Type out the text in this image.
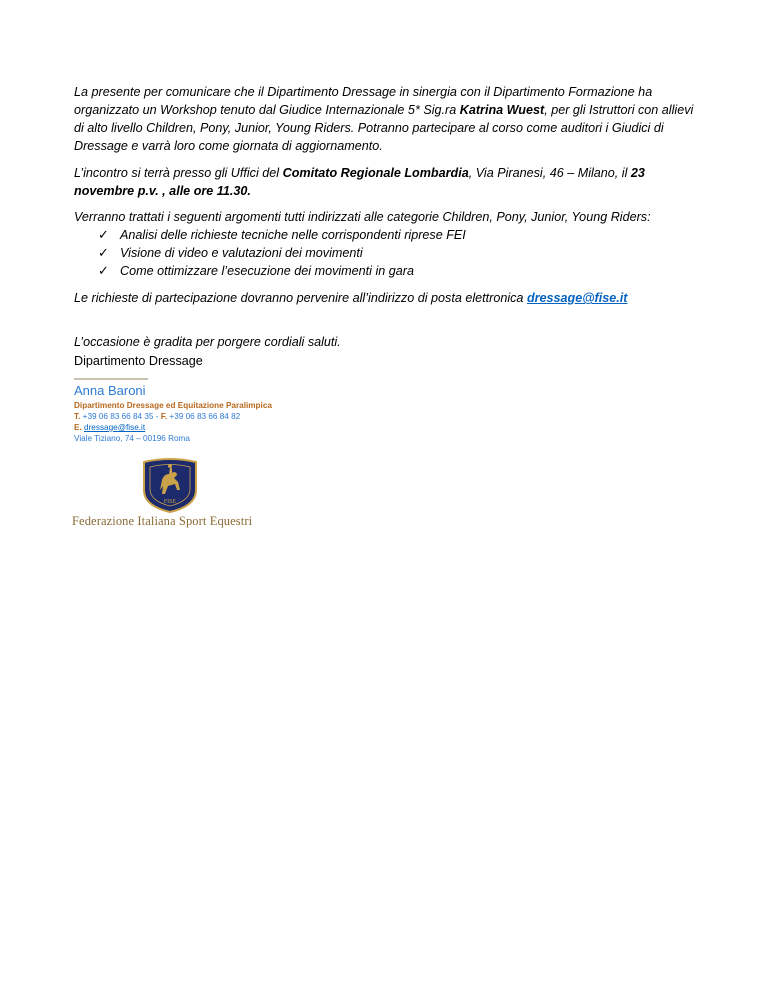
La presente per comunicare che il Dipartimento Dressage in sinergia con il Dipartimento Formazione ha organizzato un Workshop tenuto dal Giudice Internazionale 5* Sig.ra Katrina Wuest, per gli Istruttori con allievi di alto livello Children, Pony, Junior, Young Riders. Potranno partecipare al corso come auditori i Giudici di Dressage e varrà loro come giornata di aggiornamento.
L’incontro si terrà presso gli Uffici del Comitato Regionale Lombardia, Via Piranesi, 46 – Milano, il 23 novembre p.v. , alle ore 11.30.
Verranno trattati i seguenti argomenti tutti indirizzati alle categorie Children, Pony, Junior, Young Riders:
✓ Analisi delle richieste tecniche nelle corrispondenti riprese FEI
✓ Visione di video e valutazioni dei movimenti
✓ Come ottimizzare l’esecuzione dei movimenti in gara
Le richieste di partecipazione dovranno pervenire all’indirizzo di posta elettronica dressage@fise.it
L’occasione è gradita per porgere cordiali saluti.
Dipartimento Dressage
Anna Baroni
Dipartimento Dressage ed Equitazione Paralimpica
T. +39 06 83 66 84 35 - F. +39 06 83 66 84 82
E. dressage@fise.it
Viale Tiziano, 74 – 00196 Roma
FISE
Federazione Italiana Sport Equestri
